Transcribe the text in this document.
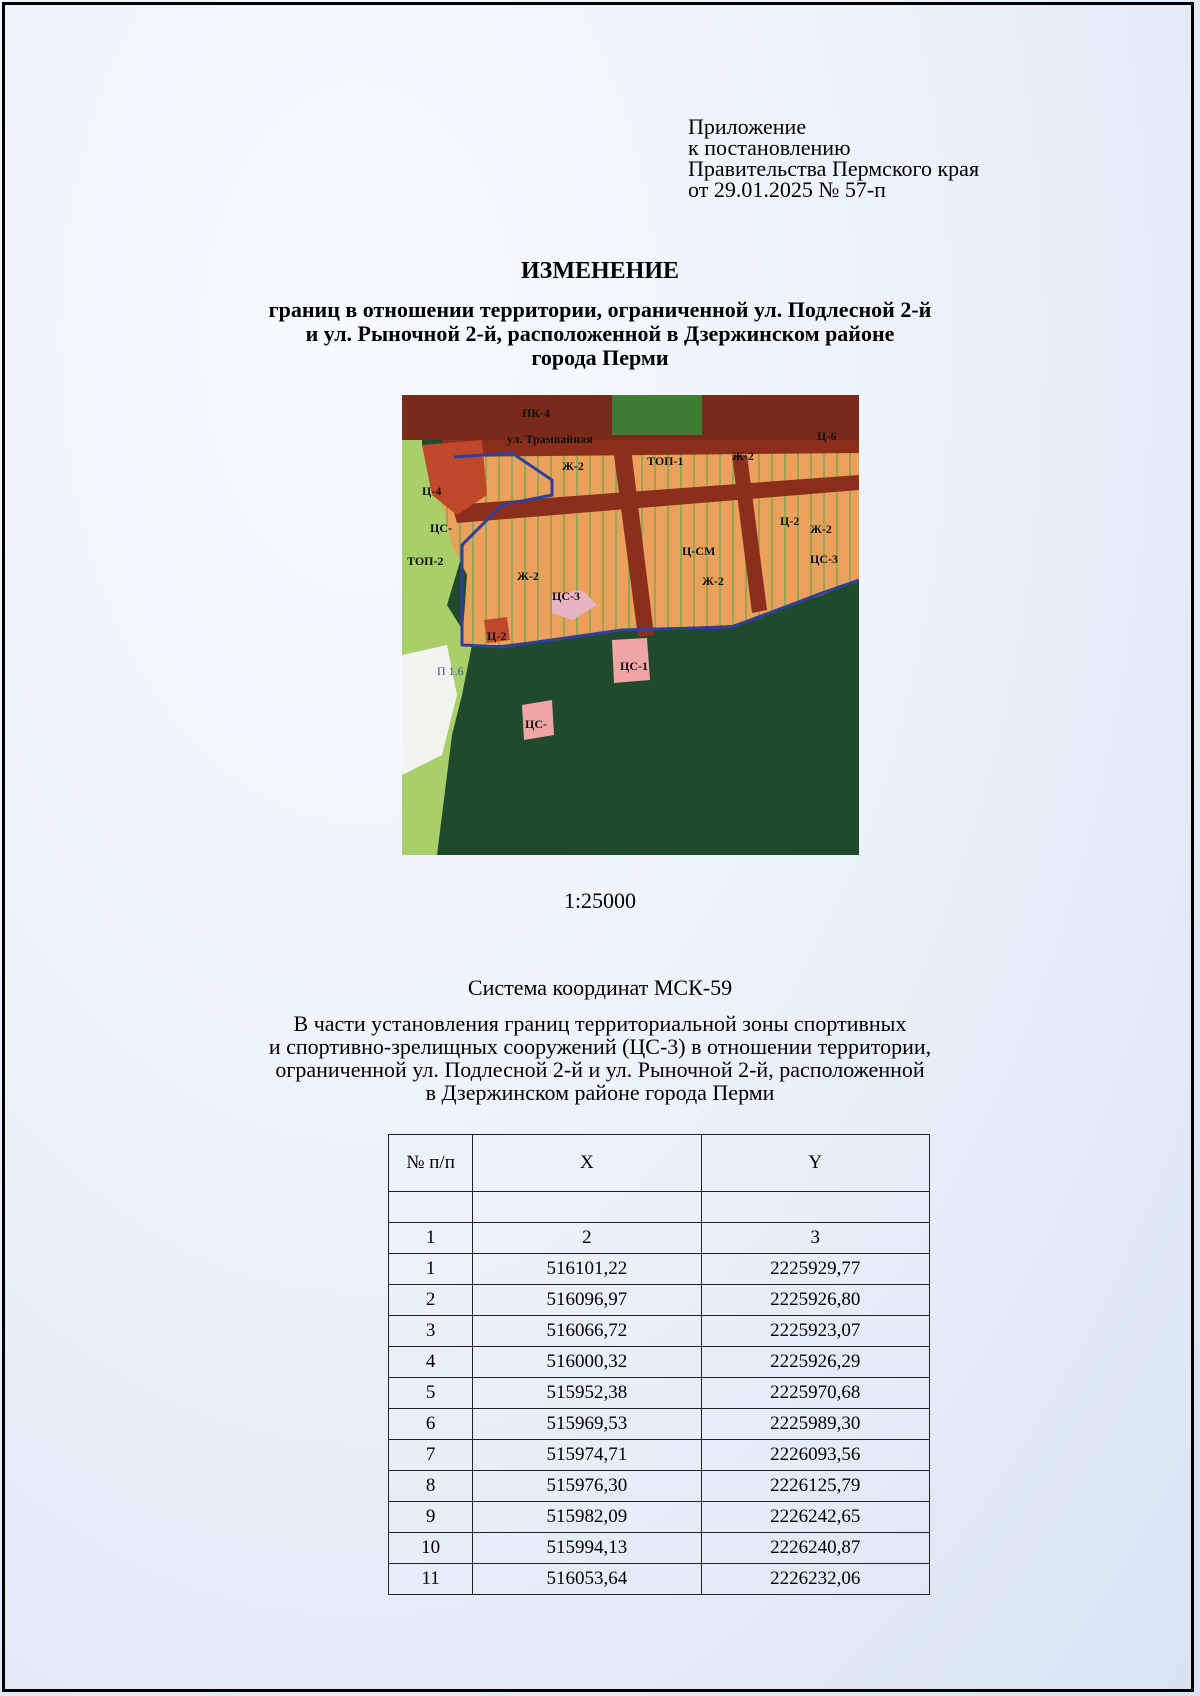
Приложение
к постановлению
Правительства Пермского края
от 29.01.2025 № 57-п
ИЗМЕНЕНИЕ
границ в отношении территории, ограниченной ул. Подлесной 2-й
и ул. Рыночной 2-й, расположенной в Дзержинском районе
города Перми
ПК-4
ул. Трамвайная
Ж-2	ТОП-1	Ж-2
Ц-6
Ц-4
ЦС-
ТОП-2
Ж-2
ЦС-3
Ц-СМ
Ж-2
Ц-2
Ж-2
ЦС-3
Ц-2
ЦС-1
ЦС-
П 1.6
1:25000
Система координат МСК-59
В части установления границ территориальной зоны спортивных
и спортивно-зрелищных сооружений (ЦС-3) в отношении территории,
ограниченной ул. Подлесной 2-й и ул. Рыночной 2-й, расположенной
в Дзержинском районе города Перми
№ п/п	X	Y

1	2	3
1	516101,22	2225929,77
2	516096,97	2225926,80
3	516066,72	2225923,07
4	516000,32	2225926,29
5	515952,38	2225970,68
6	515969,53	2225989,30
7	515974,71	2226093,56
8	515976,30	2226125,79
9	515982,09	2226242,65
10	515994,13	2226240,87
11	516053,64	2226232,06
